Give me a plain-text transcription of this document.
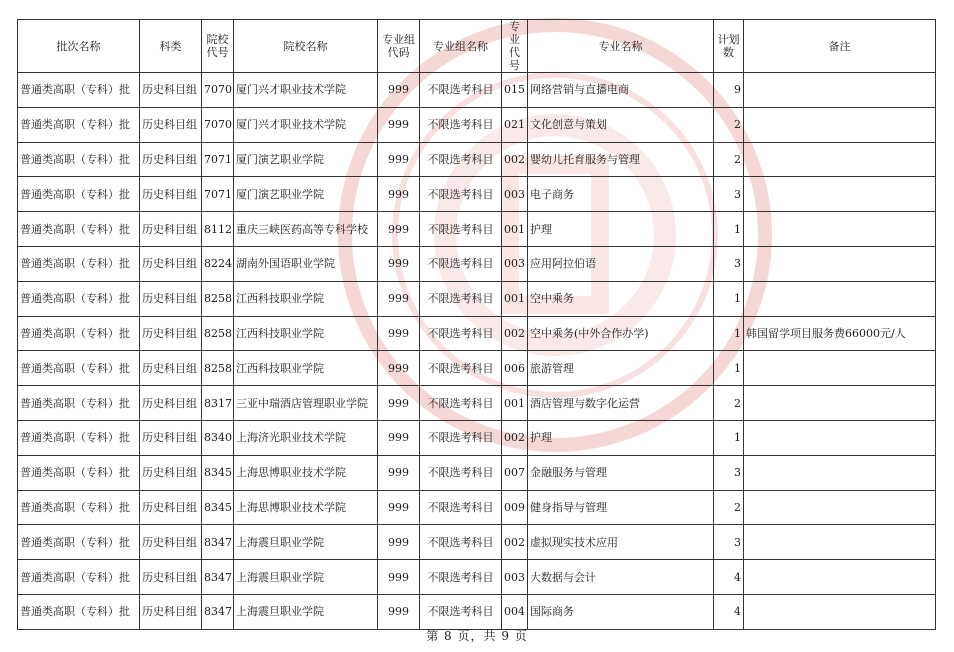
批次名称	科类	院校代号	院校名称	专业组代码	专业组名称	专业代号	专业名称	计划数	备注
普通类高职（专科）批	历史科目组	7070	厦门兴才职业技术学院	999	不限选考科目	015	网络营销与直播电商	9	
普通类高职（专科）批	历史科目组	7070	厦门兴才职业技术学院	999	不限选考科目	021	文化创意与策划	2	
普通类高职（专科）批	历史科目组	7071	厦门演艺职业学院	999	不限选考科目	002	婴幼儿托育服务与管理	2	
普通类高职（专科）批	历史科目组	7071	厦门演艺职业学院	999	不限选考科目	003	电子商务	3	
普通类高职（专科）批	历史科目组	8112	重庆三峡医药高等专科学校	999	不限选考科目	001	护理	1	
普通类高职（专科）批	历史科目组	8224	湖南外国语职业学院	999	不限选考科目	003	应用阿拉伯语	3	
普通类高职（专科）批	历史科目组	8258	江西科技职业学院	999	不限选考科目	001	空中乘务	1	
普通类高职（专科）批	历史科目组	8258	江西科技职业学院	999	不限选考科目	002	空中乘务(中外合作办学)	1	韩国留学项目服务费66000元/人
普通类高职（专科）批	历史科目组	8258	江西科技职业学院	999	不限选考科目	006	旅游管理	1	
普通类高职（专科）批	历史科目组	8317	三亚中瑞酒店管理职业学院	999	不限选考科目	001	酒店管理与数字化运营	2	
普通类高职（专科）批	历史科目组	8340	上海济光职业技术学院	999	不限选考科目	002	护理	1	
普通类高职（专科）批	历史科目组	8345	上海思博职业技术学院	999	不限选考科目	007	金融服务与管理	3	
普通类高职（专科）批	历史科目组	8345	上海思博职业技术学院	999	不限选考科目	009	健身指导与管理	2	
普通类高职（专科）批	历史科目组	8347	上海震旦职业学院	999	不限选考科目	002	虚拟现实技术应用	3	
普通类高职（专科）批	历史科目组	8347	上海震旦职业学院	999	不限选考科目	003	大数据与会计	4	
普通类高职（专科）批	历史科目组	8347	上海震旦职业学院	999	不限选考科目	004	国际商务	4	
第 8 页，共 9 页
